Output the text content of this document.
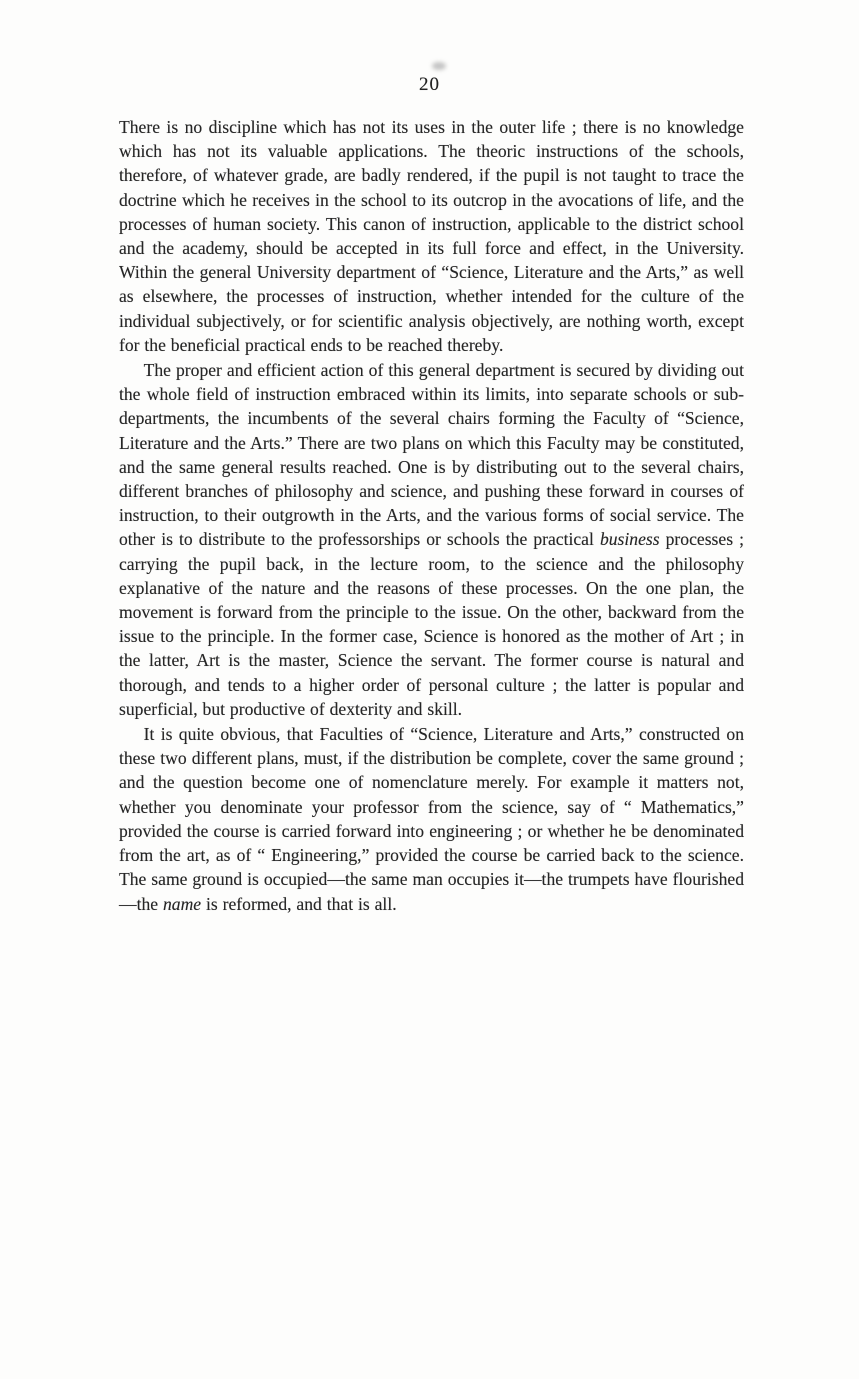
20

There is no discipline which has not its uses in the outer life ; there is no knowledge which has not its valuable applications. The theoric instructions of the schools, therefore, of whatever grade, are badly rendered, if the pupil is not taught to trace the doctrine which he receives in the school to its outcrop in the avocations of life, and the processes of human society. This canon of instruction, applicable to the district school and the academy, should be accepted in its full force and effect, in the University. Within the general University department of “Science, Literature and the Arts,” as well as elsewhere, the processes of instruction, whether intended for the culture of the individual subjectively, or for scientific analysis objectively, are nothing worth, except for the beneficial practical ends to be reached thereby.

The proper and efficient action of this general department is secured by dividing out the whole field of instruction embraced within its limits, into separate schools or sub-departments, the incumbents of the several chairs forming the Faculty of “Science, Literature and the Arts.” There are two plans on which this Faculty may be constituted, and the same general results reached. One is by distributing out to the several chairs, different branches of philosophy and science, and pushing these forward in courses of instruction, to their outgrowth in the Arts, and the various forms of social service. The other is to distribute to the professorships or schools the practical business processes ; carrying the pupil back, in the lecture room, to the science and the philosophy explanative of the nature and the reasons of these processes. On the one plan, the movement is forward from the principle to the issue. On the other, backward from the issue to the principle. In the former case, Science is honored as the mother of Art ; in the latter, Art is the master, Science the servant. The former course is natural and thorough, and tends to a higher order of personal culture ; the latter is popular and superficial, but productive of dexterity and skill.

It is quite obvious, that Faculties of “Science, Literature and Arts,” constructed on these two different plans, must, if the distribution be complete, cover the same ground ; and the question become one of nomenclature merely. For example it matters not, whether you denominate your professor from the science, say of “ Mathematics,” provided the course is carried forward into engineering ; or whether he be denominated from the art, as of “ Engineering,” provided the course be carried back to the science. The same ground is occupied—the same man occupies it—the trumpets have flourished—the name is reformed, and that is all.
